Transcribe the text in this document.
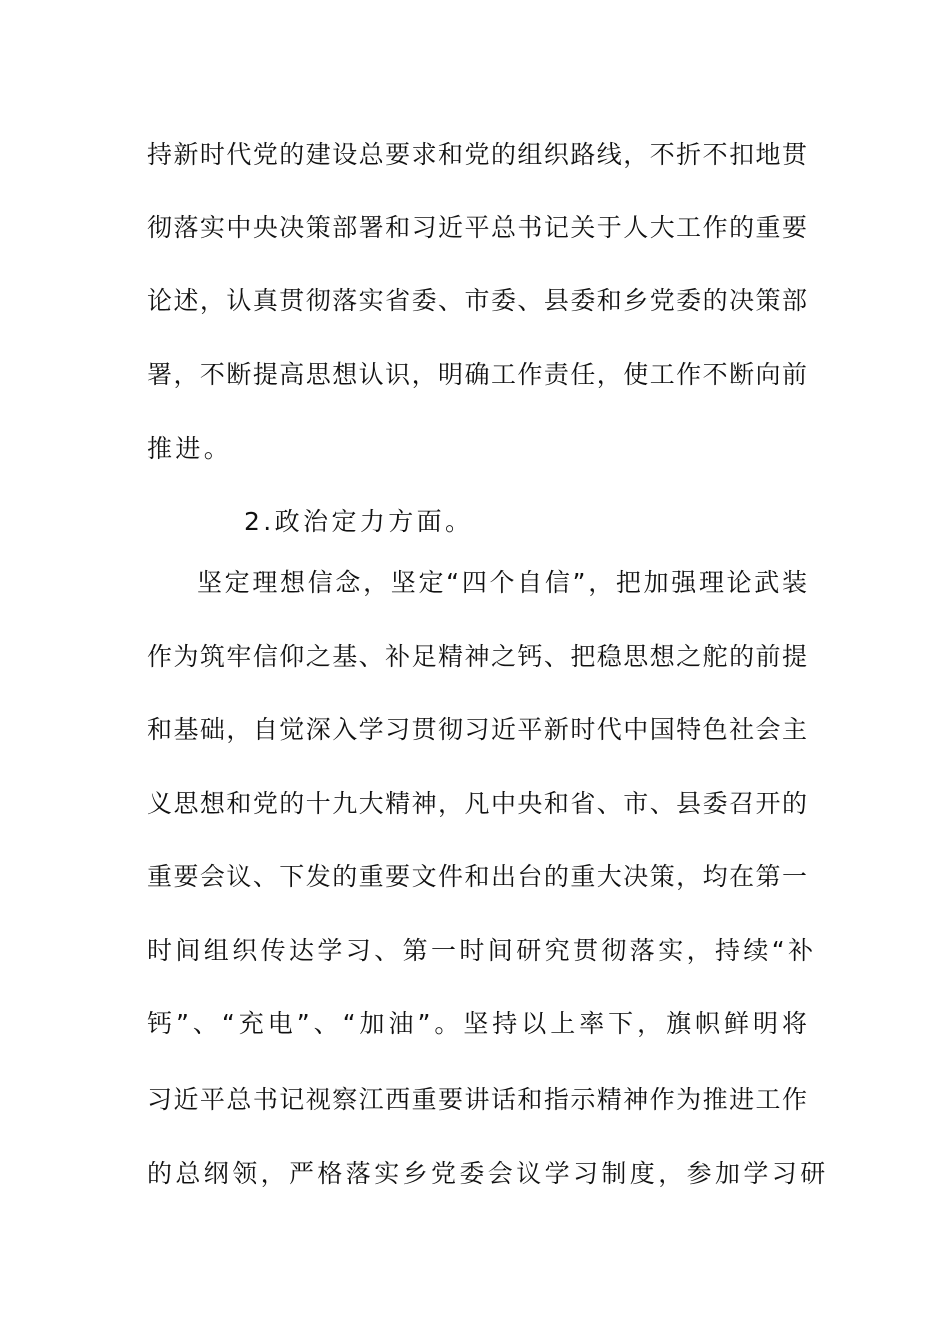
持新时代党的建设总要求和党的组织路线，不折不扣地贯
彻落实中央决策部署和习近平总书记关于人大工作的重要
论述，认真贯彻落实省委、市委、县委和乡党委的决策部
署，不断提高思想认识，明确工作责任，使工作不断向前
推进。
2.政治定力方面。
坚定理想信念，坚定“四个自信”，把加强理论武装
作为筑牢信仰之基、补足精神之钙、把稳思想之舵的前提
和基础，自觉深入学习贯彻习近平新时代中国特色社会主
义思想和党的十九大精神，凡中央和省、市、县委召开的
重要会议、下发的重要文件和出台的重大决策，均在第一
时间组织传达学习、第一时间研究贯彻落实，持续“补
钙”、“充电”、“加油”。坚持以上率下，旗帜鲜明将
习近平总书记视察江西重要讲话和指示精神作为推进工作
的总纲领，严格落实乡党委会议学习制度，参加学习研
